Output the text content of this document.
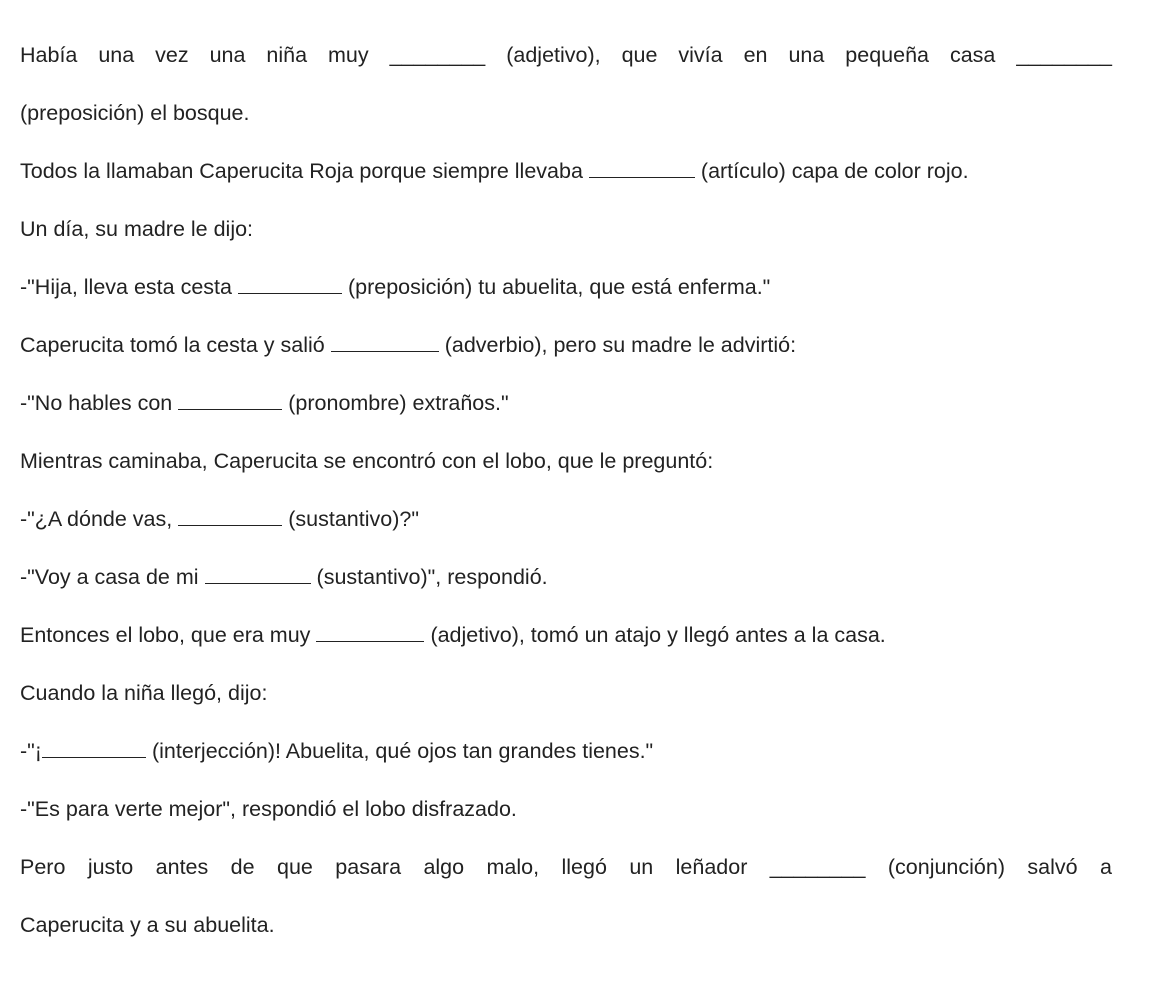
Había una vez una niña muy ________ (adjetivo), que vivía en una pequeña casa ________
(preposición) el bosque.
Todos la llamaban Caperucita Roja porque siempre llevaba	(artículo) capa de color rojo.
Un día, su madre le dijo:
-"Hija, lleva esta cesta	(preposición) tu abuelita, que está enferma."
Caperucita tomó la cesta y salió	(adverbio), pero su madre le advirtió:
-"No hables con	(pronombre) extraños."
Mientras caminaba, Caperucita se encontró con el lobo, que le preguntó:
-"¿A dónde vas,	(sustantivo)?"
-"Voy a casa de mi	(sustantivo)", respondió.
Entonces el lobo, que era muy	(adjetivo), tomó un atajo y llegó antes a la casa.
Cuando la niña llegó, dijo:
-"¡	(interjección)! Abuelita, qué ojos tan grandes tienes."
-"Es para verte mejor", respondió el lobo disfrazado.
Pero justo antes de que pasara algo malo, llegó un leñador ________ (conjunción) salvó a
Caperucita y a su abuelita.
